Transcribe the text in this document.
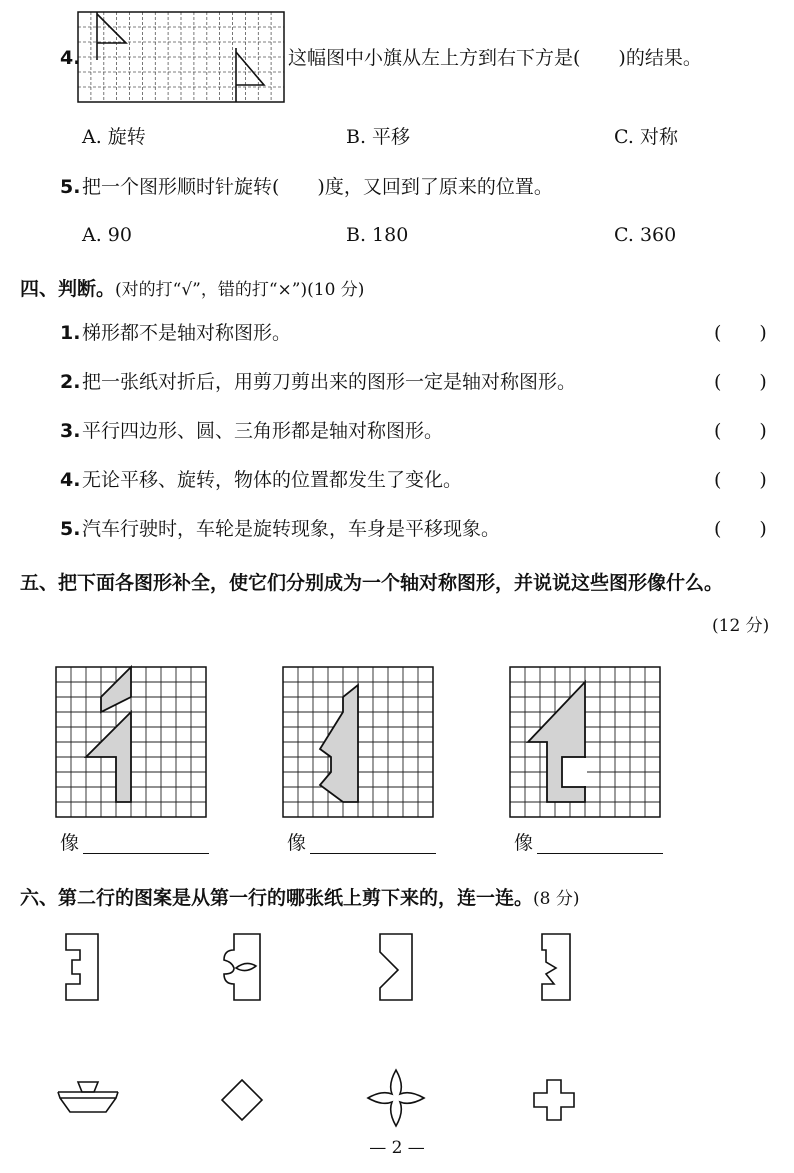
4.	这幅图中小旗从左上方到右下方是(　　)的结果。
A. 旋转	B. 平移	C. 对称
5. 把一个图形顺时针旋转(　　)度，又回到了原来的位置。
A. 90	B. 180	C. 360
四、判断。(对的打“√”，错的打“×”)(10 分)
1. 梯形都不是轴对称图形。	(　　)
2. 把一张纸对折后，用剪刀剪出来的图形一定是轴对称图形。	(　　)
3. 平行四边形、圆、三角形都是轴对称图形。	(　　)
4. 无论平移、旋转，物体的位置都发生了变化。	(　　)
5. 汽车行驶时，车轮是旋转现象，车身是平移现象。	(　　)
五、把下面各图形补全，使它们分别成为一个轴对称图形，并说说这些图形像什么。
(12 分)
像	像	像
六、第二行的图案是从第一行的哪张纸上剪下来的，连一连。(8 分)
— 2 —
